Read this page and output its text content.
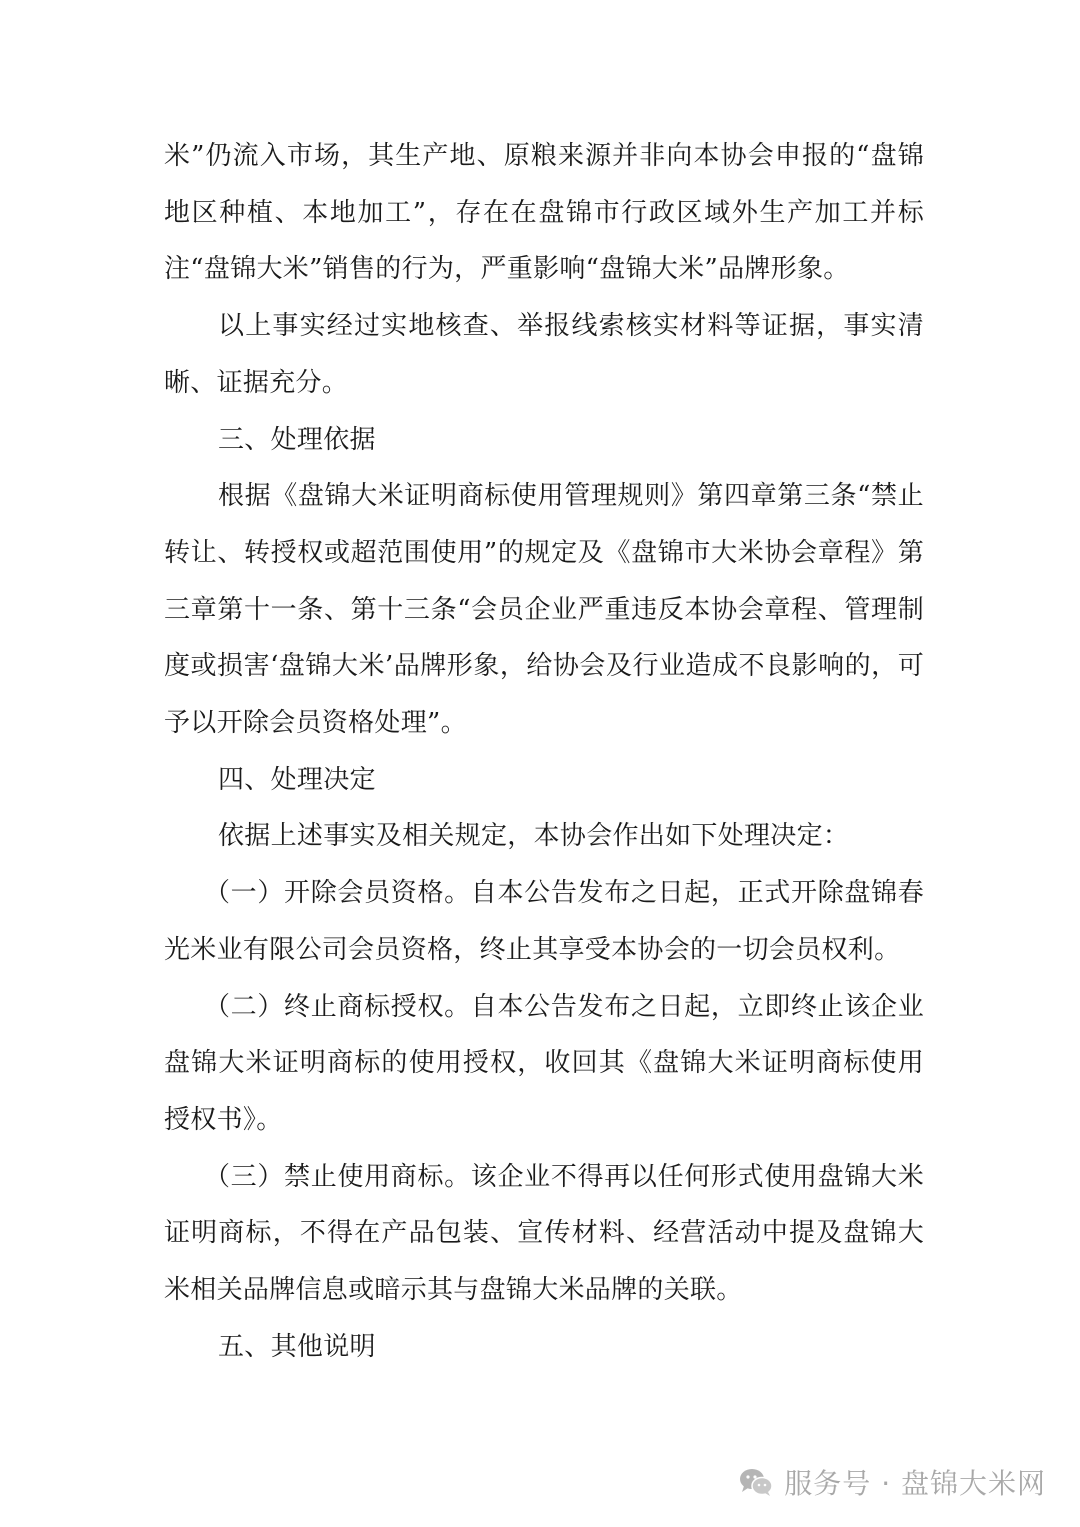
米”仍流入市场，其生产地、原粮来源并非向本协会申报的“盘锦地区种植、本地加工”，存在在盘锦市行政区域外生产加工并标注“盘锦大米”销售的行为，严重影响“盘锦大米”品牌形象。

以上事实经过实地核查、举报线索核实材料等证据，事实清晰、证据充分。

三、处理依据

根据《盘锦大米证明商标使用管理规则》第四章第三条“禁止转让、转授权或超范围使用”的规定及《盘锦市大米协会章程》第三章第十一条、第十三条“会员企业严重违反本协会章程、管理制度或损害‘盘锦大米’品牌形象，给协会及行业造成不良影响的，可予以开除会员资格处理”。

四、处理决定

依据上述事实及相关规定，本协会作出如下处理决定：

（一）开除会员资格。自本公告发布之日起，正式开除盘锦春光米业有限公司会员资格，终止其享受本协会的一切会员权利。

（二）终止商标授权。自本公告发布之日起，立即终止该企业盘锦大米证明商标的使用授权，收回其《盘锦大米证明商标使用授权书》。

（三）禁止使用商标。该企业不得再以任何形式使用盘锦大米证明商标，不得在产品包装、宣传材料、经营活动中提及盘锦大米相关品牌信息或暗示其与盘锦大米品牌的关联。

五、其他说明

服务号 · 盘锦大米网
